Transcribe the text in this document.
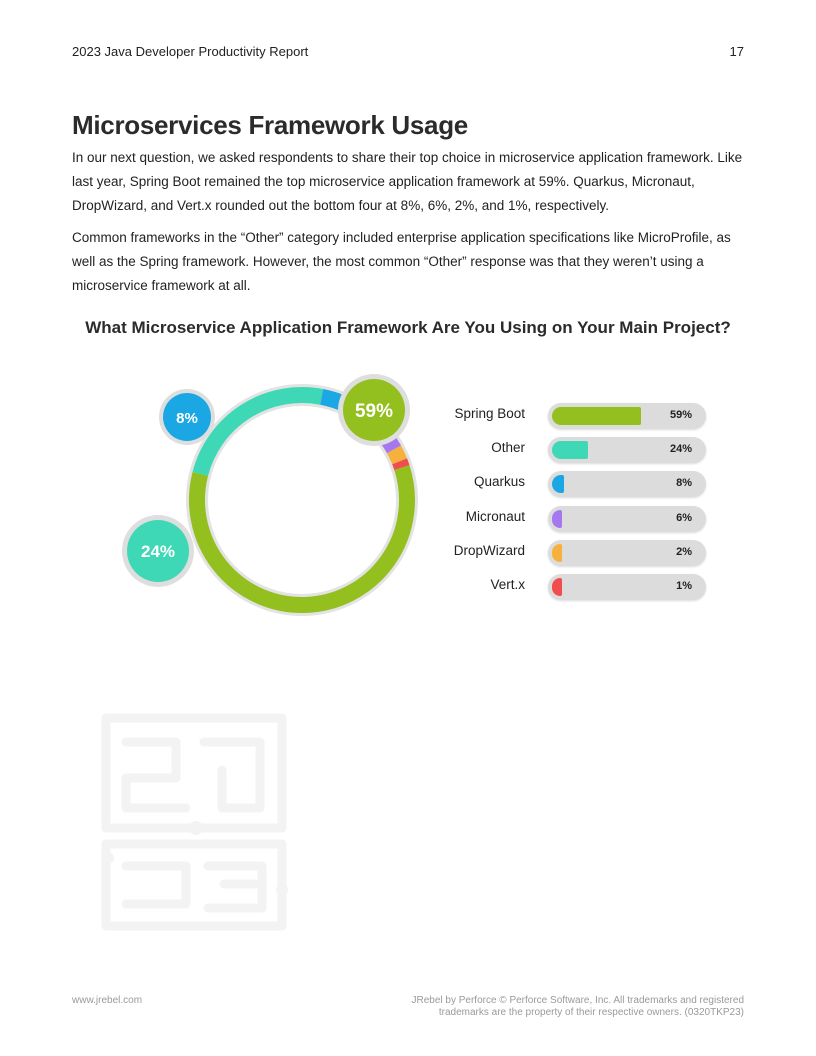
2023 Java Developer Productivity Report	17
Microservices Framework Usage

In our next question, we asked respondents to share their top choice in microservice application framework. Like last year, Spring Boot remained the top microservice application framework at 59%. Quarkus, Micronaut, DropWizard, and Vert.x rounded out the bottom four at 8%, 6%, 2%, and 1%, respectively.

Common frameworks in the “Other” category included enterprise application specifications like MicroProfile, as well as the Spring framework. However, the most common “Other” response was that they weren’t using a microservice framework at all.

What Microservice Application Framework Are You Using on Your Main Project?
59%
24%
8%	Spring Boot	59%
Other	24%
Quarkus	8%
Micronaut	6%
DropWizard	2%
Vert.x	1%
www.jrebel.com	JRebel by Perforce © Perforce Software, Inc. All trademarks and registered
trademarks are the property of their respective owners. (0320TKP23)
